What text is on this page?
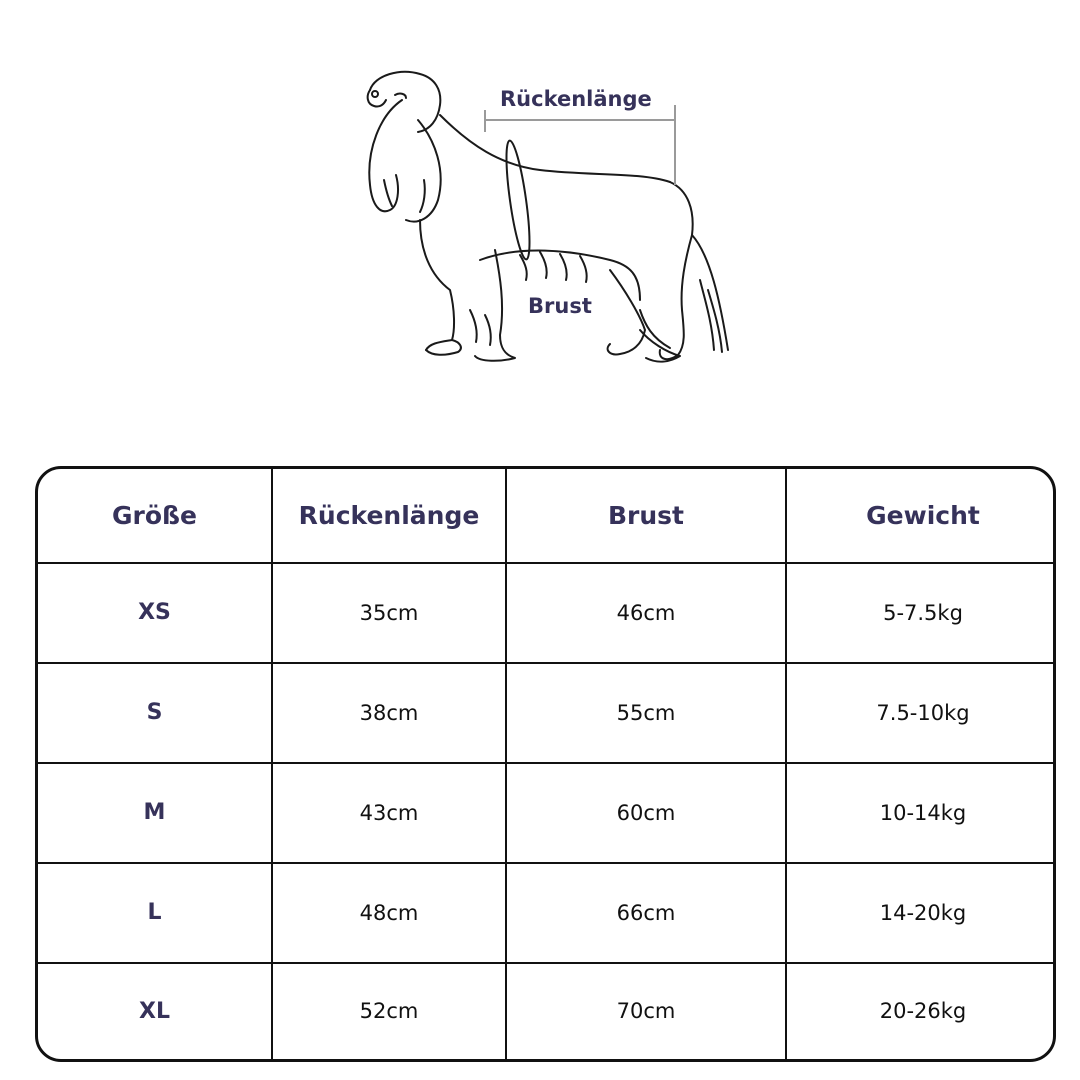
Rückenlänge
Brust
Größe	Rückenlänge	Brust	Gewicht
XS	35cm	46cm	5-7.5kg
S	38cm	55cm	7.5-10kg
M	43cm	60cm	10-14kg
L	48cm	66cm	14-20kg
XL	52cm	70cm	20-26kg
